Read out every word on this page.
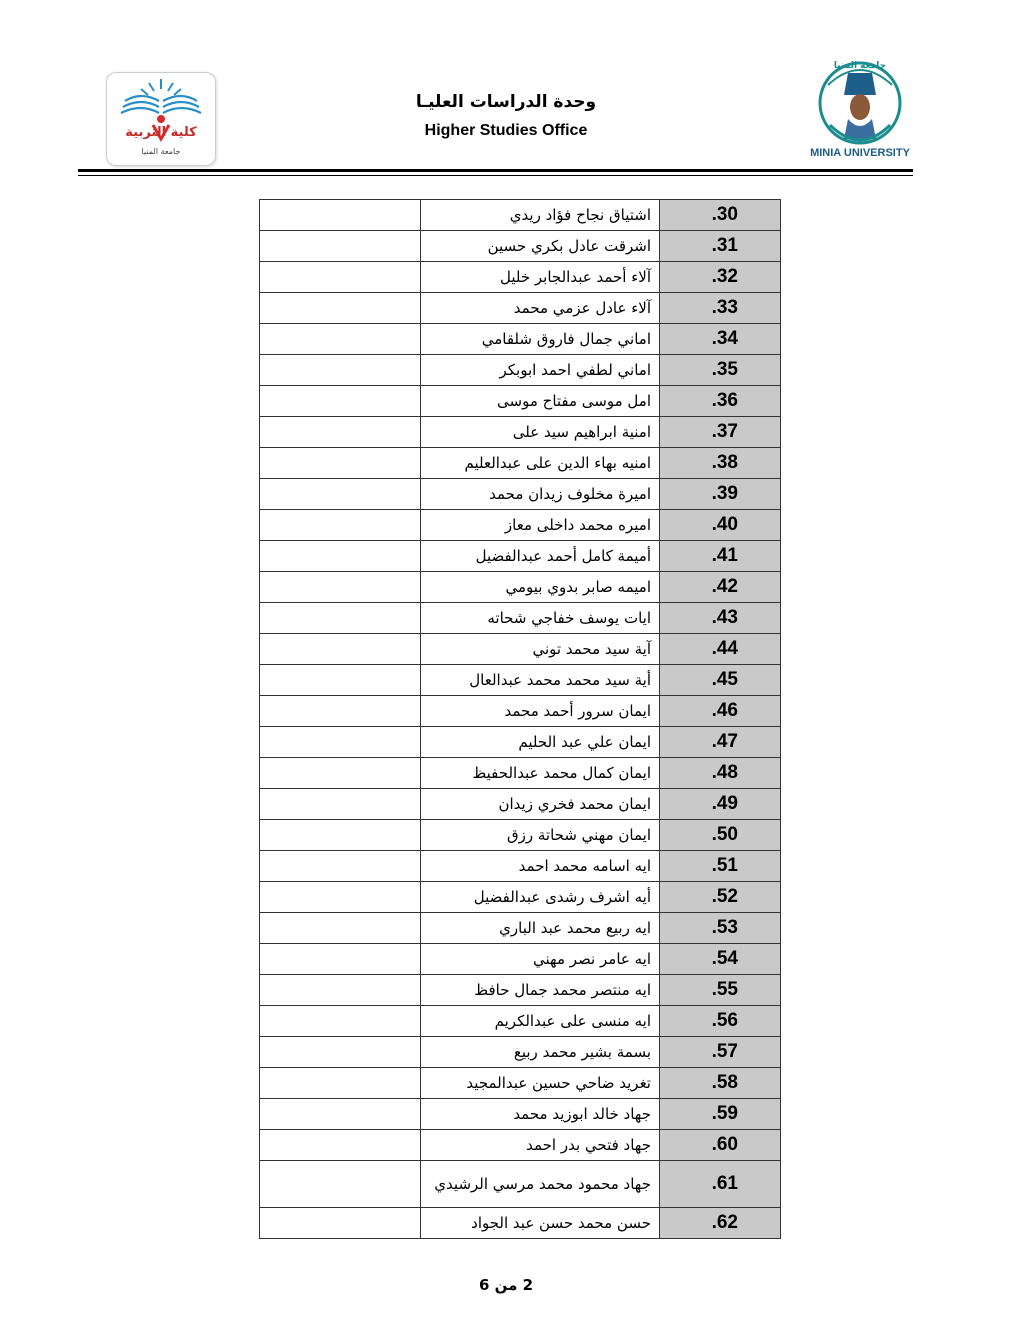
كلية التربية
جامعة المنيا
وحدة الدراسات العليـا
Higher Studies Office
جامعة المنيا
MINIA UNIVERSITY
	اشتياق نجاح فؤاد ريدي	.30
	اشرقت عادل بكري حسين	.31
	آلاء أحمد عبدالجابر خليل	.32
	آلاء عادل عزمي محمد	.33
	اماني جمال فاروق شلقامي	.34
	اماني لطفي احمد ابوبكر	.35
	امل موسى مفتاح موسى	.36
	امنية ابراهيم سيد على	.37
	امنيه بهاء الدين على عبدالعليم	.38
	اميرة مخلوف زيدان محمد	.39
	اميره محمد داخلى معاز	.40
	أميمة كامل أحمد عبدالفضيل	.41
	اميمه صابر بدوي بيومي	.42
	ايات يوسف خفاجي شحاته	.43
	آية سيد محمد توني	.44
	أية سيد محمد محمد عبدالعال	.45
	ايمان سرور أحمد محمد	.46
	ايمان علي عبد الحليم	.47
	ايمان كمال محمد عبدالحفيظ	.48
	ايمان محمد فخري زيدان	.49
	ايمان مهني شحاتة رزق	.50
	ايه اسامه محمد احمد	.51
	أيه اشرف رشدى عبدالفضيل	.52
	ايه ربيع محمد عبد الباري	.53
	ايه عامر نصر مهني	.54
	ايه منتصر محمد جمال حافظ	.55
	ايه منسى على عبدالكريم	.56
	بسمة بشير محمد ربيع	.57
	تغريد ضاحي حسين عبدالمجيد	.58
	جهاد خالد ابوزيد محمد	.59
	جهاد فتحي بدر احمد	.60
	جهاد محمود محمد مرسي الرشيدي	.61
	حسن محمد حسن عبد الجواد	.62
2 من 6
